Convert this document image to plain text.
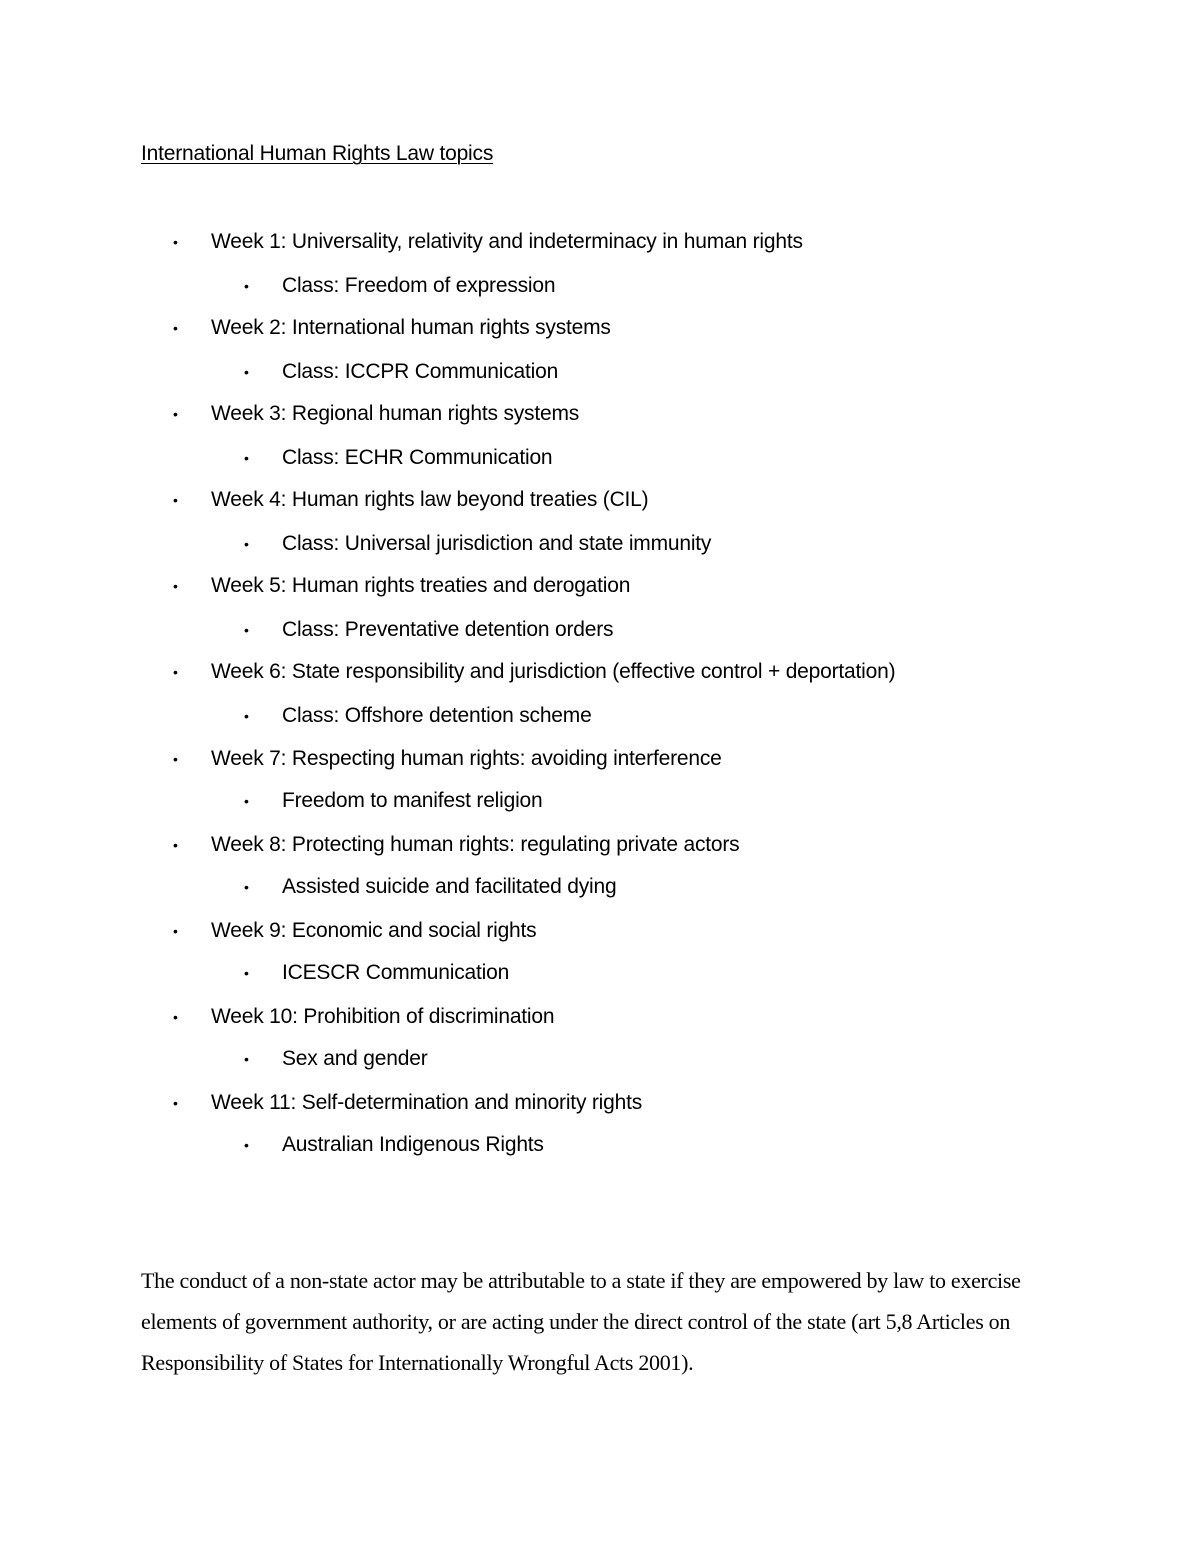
International Human Rights Law topics
• Week 1: Universality, relativity and indeterminacy in human rights
• Class: Freedom of expression
• Week 2: International human rights systems
• Class: ICCPR Communication
• Week 3: Regional human rights systems
• Class: ECHR Communication
• Week 4: Human rights law beyond treaties (CIL)
• Class: Universal jurisdiction and state immunity
• Week 5: Human rights treaties and derogation
• Class: Preventative detention orders
• Week 6: State responsibility and jurisdiction (effective control + deportation)
• Class: Offshore detention scheme
• Week 7: Respecting human rights: avoiding interference
• Freedom to manifest religion
• Week 8: Protecting human rights: regulating private actors
• Assisted suicide and facilitated dying
• Week 9: Economic and social rights
• ICESCR Communication
• Week 10: Prohibition of discrimination
• Sex and gender
• Week 11: Self-determination and minority rights
• Australian Indigenous Rights

The conduct of a non-state actor may be attributable to a state if they are empowered by law to exercise elements of government authority, or are acting under the direct control of the state (art 5,8 Articles on Responsibility of States for Internationally Wrongful Acts 2001).
